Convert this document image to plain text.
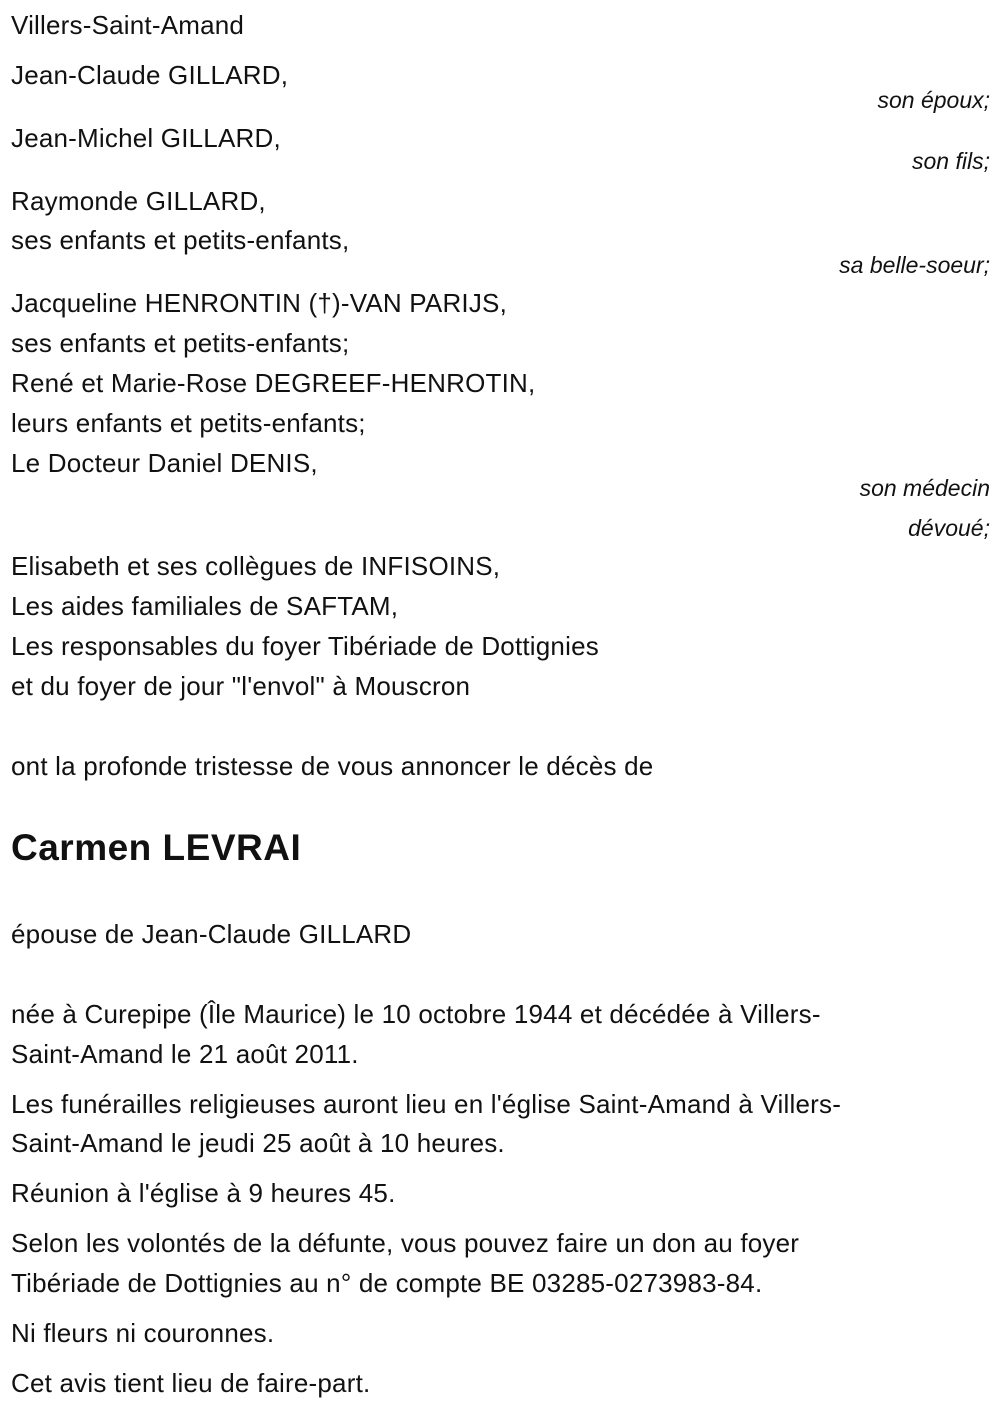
Villers-Saint-Amand
Jean-Claude GILLARD,
son époux;
Jean-Michel GILLARD,
son fils;
Raymonde GILLARD,
ses enfants et petits-enfants,
sa belle-soeur;
Jacqueline HENRONTIN (†)-VAN PARIJS,
ses enfants et petits-enfants;
René et Marie-Rose DEGREEF-HENROTIN,
leurs enfants et petits-enfants;
Le Docteur Daniel DENIS,
son médecin
dévoué;
Elisabeth et ses collègues de INFISOINS,
Les aides familiales de SAFTAM,
Les responsables du foyer Tibériade de Dottignies
et du foyer de jour "l'envol" à Mouscron
ont la profonde tristesse de vous annoncer le décès de
Carmen LEVRAI
épouse de Jean-Claude GILLARD
née à Curepipe (Île Maurice) le 10 octobre 1944 et décédée à Villers-
Saint-Amand le 21 août 2011.
Les funérailles religieuses auront lieu en l'église Saint-Amand à Villers-
Saint-Amand le jeudi 25 août à 10 heures.
Réunion à l'église à 9 heures 45.
Selon les volontés de la défunte, vous pouvez faire un don au foyer
Tibériade de Dottignies au n° de compte BE 03285-0273983-84.
Ni fleurs ni couronnes.
Cet avis tient lieu de faire-part.
